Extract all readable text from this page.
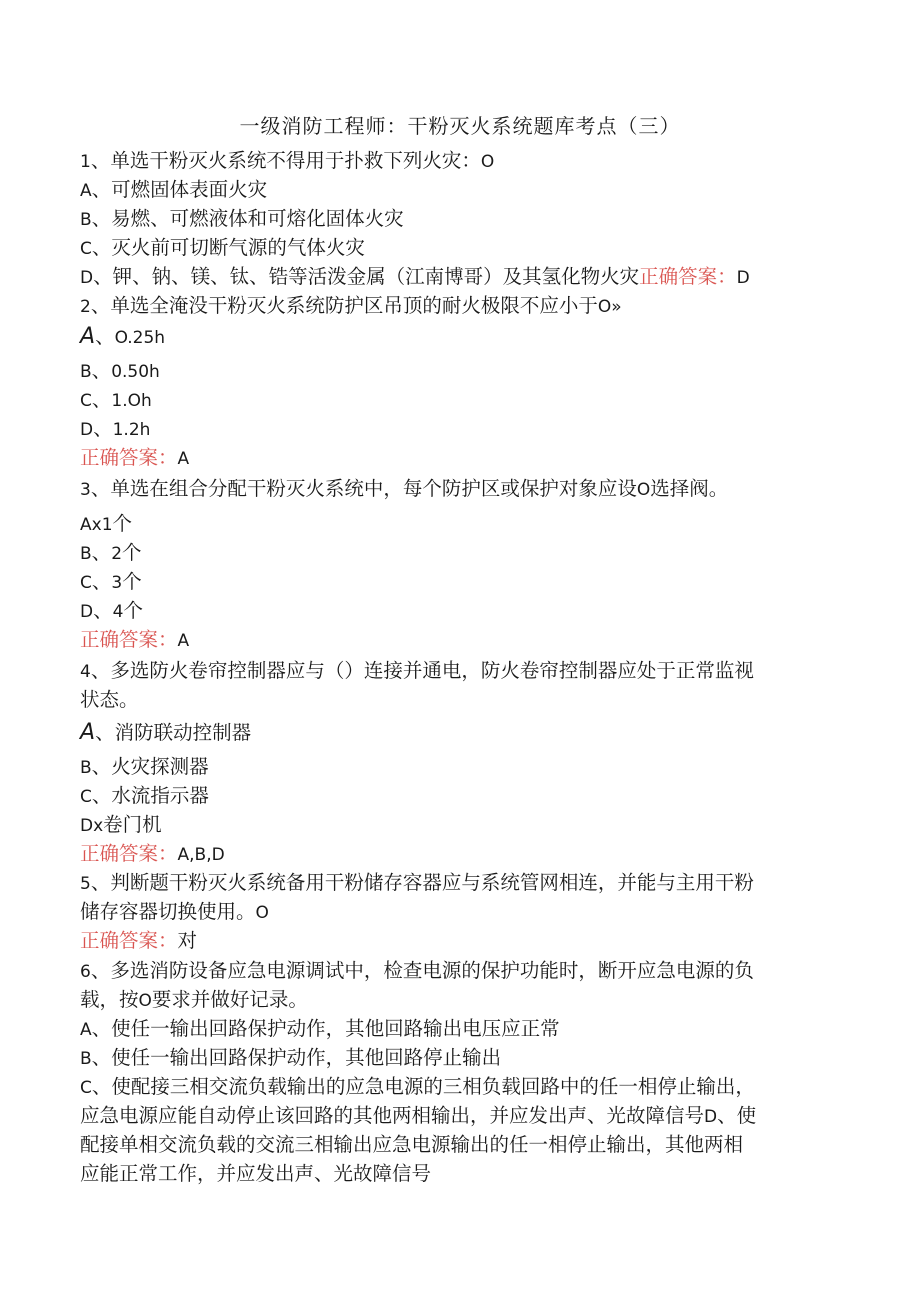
一级消防工程师：干粉灭火系统题库考点（三）
1、单选干粉灭火系统不得用于扑救下列火灾：O
A、可燃固体表面火灾
B、易燃、可燃液体和可熔化固体火灾
C、灭火前可切断气源的气体火灾
D、钾、钠、镁、钛、锆等活泼金属（江南博哥）及其氢化物火灾正确答案：D
2、单选全淹没干粉灭火系统防护区吊顶的耐火极限不应小于O»
A、O.25h
B、0.50h
C、1.Oh
D、1.2h
正确答案：A
3、单选在组合分配干粉灭火系统中，每个防护区或保护对象应设O选择阀。
Ax1个
B、2个
C、3个
D、4个
正确答案：A
4、多选防火卷帘控制器应与（）连接并通电，防火卷帘控制器应处于正常监视
状态。
A、消防联动控制器
B、火灾探测器
C、水流指示器
Dx卷门机
正确答案：A,B,D
5、判断题干粉灭火系统备用干粉储存容器应与系统管网相连，并能与主用干粉
储存容器切换使用。O
正确答案：对
6、多选消防设备应急电源调试中，检查电源的保护功能时，断开应急电源的负
载，按O要求并做好记录。
A、使任一输出回路保护动作，其他回路输出电压应正常
B、使任一输出回路保护动作，其他回路停止输出
C、使配接三相交流负载输出的应急电源的三相负载回路中的任一相停止输出，
应急电源应能自动停止该回路的其他两相输出，并应发出声、光故障信号D、使
配接单相交流负载的交流三相输出应急电源输出的任一相停止输出，其他两相
应能正常工作，并应发出声、光故障信号
